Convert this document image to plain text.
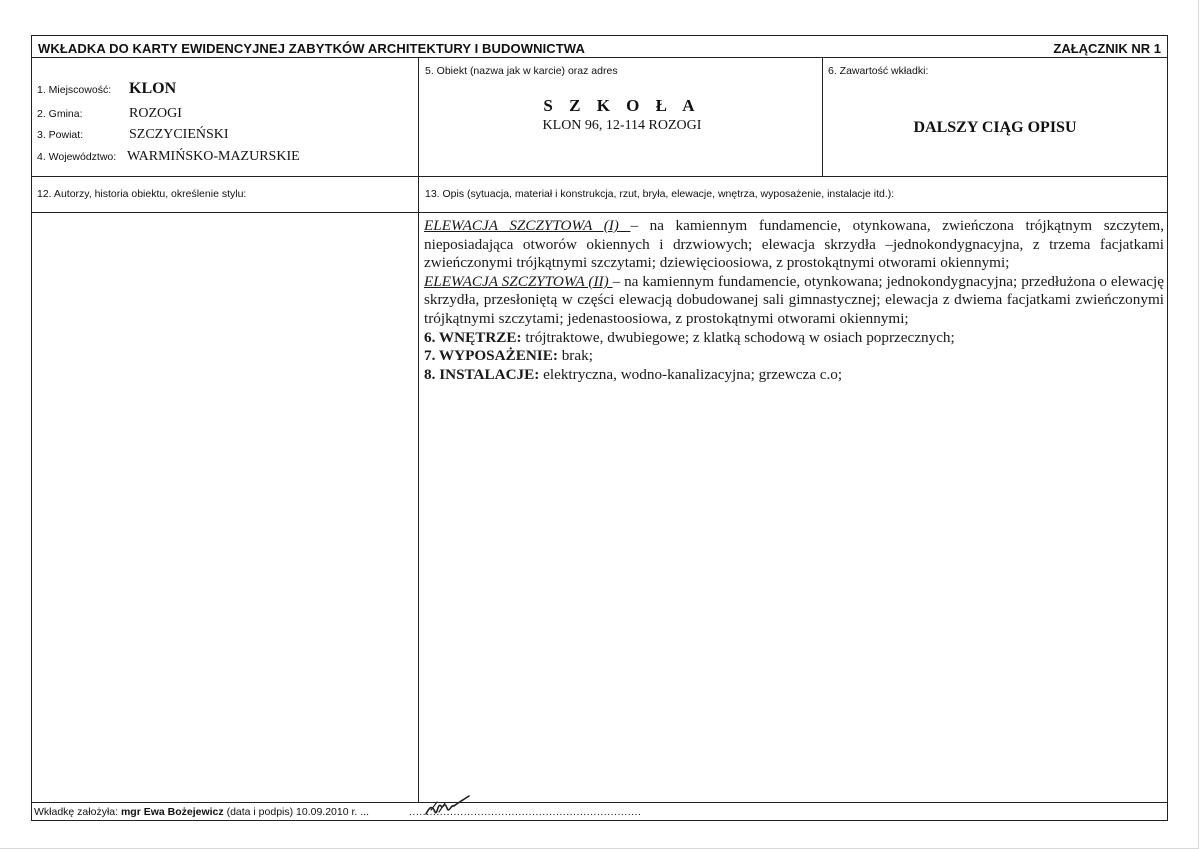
WKŁADKA DO KARTY EWIDENCYJNEJ ZABYTKÓW ARCHITEKTURY I BUDOWNICTWA	ZAŁĄCZNIK NR 1
1. Miejscowość: KLON
2. Gmina:	ROZOGI
3. Powiat:	SZCZYCIEŃSKI
4. Województwo: WARMIŃSKO-MAZURSKIE
5. Obiekt (nazwa jak w karcie) oraz adres
S Z K O Ł A
KLON 96, 12-114 ROZOGI
6. Zawartość wkładki:
DALSZY CIĄG OPISU
12. Autorzy, historia obiektu, określenie stylu:	13. Opis (sytuacja, materiał i konstrukcja, rzut, bryła, elewacje, wnętrza, wyposażenie, instalacje itd.):

ELEWACJA SZCZYTOWA (I) – na kamiennym fundamencie, otynkowana, zwieńczona trójkątnym szczytem, nieposiadająca otworów okiennych i drzwiowych; elewacja skrzydła –jednokondygnacyjna, z trzema facjatkami zwieńczonymi trójkątnymi szczytami; dziewięcioosiowa, z prostokątnymi otworami okiennymi;

ELEWACJA SZCZYTOWA (II) – na kamiennym fundamencie, otynkowana; jednokondygnacyjna; przedłużona o elewację skrzydła, przesłoniętą w części elewacją dobudowanej sali gimnastycznej; elewacja z dwiema facjatkami zwieńczonymi trójkątnymi szczytami; jedenastoosiowa, z prostokątnymi otworami okiennymi;

6. WNĘTRZE: trójtraktowe, dwubiegowe; z klatką schodową w osiach poprzecznych;

7. WYPOSAŻENIE: brak;

8. INSTALACJE: elektryczna, wodno-kanalizacyjna; grzewcza c.o;

Wkładkę założyła: mgr Ewa Bożejewicz (data i podpis) 10.09.2010 r. ...	....................................................................
